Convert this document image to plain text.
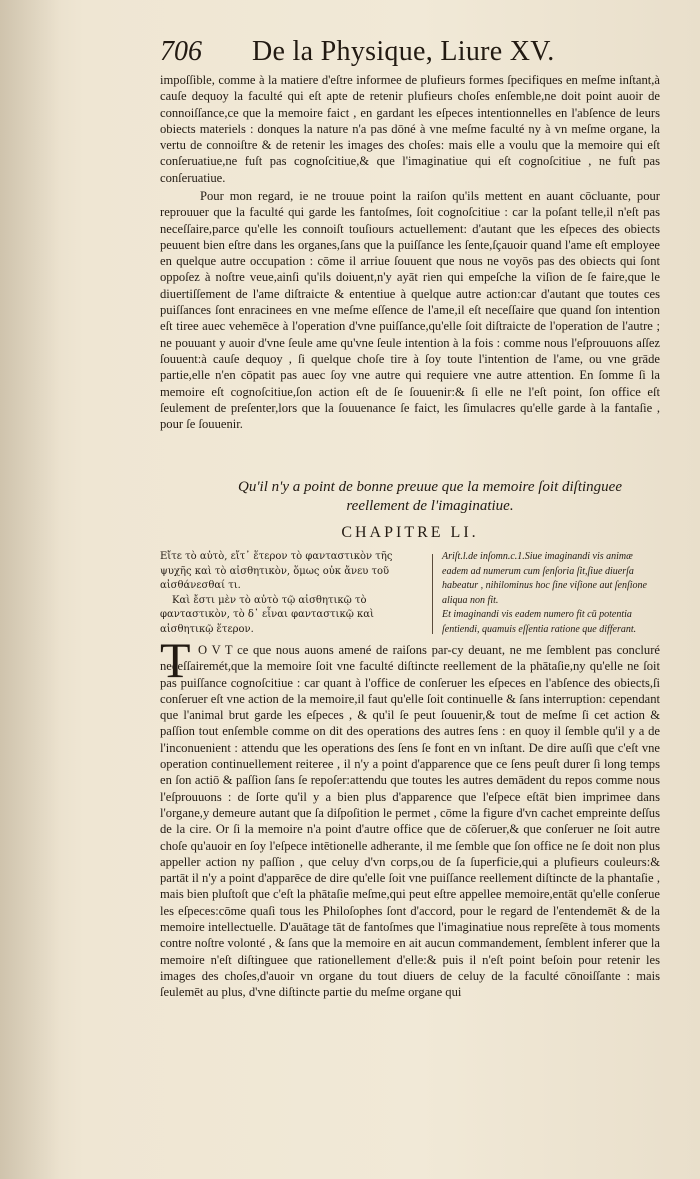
706 De la Physique, Liure XV.

impoſſible, comme à la matiere d'eſtre informee de plufieurs formes ſpecifiques en meſme inſtant,à cauſe dequoy la faculté qui eſt apte de retenir plufieurs choſes enſemble,ne doit point auoir de connoiſſance,ce que la memoire faict , en gardant les eſpeces intentionnelles en l'abſence de leurs obiects materiels : donques la nature n'a pas dōné à vne meſme faculté ny à vn meſme organe, la vertu de connoiſtre & de retenir les images des choſes: mais elle a voulu que la memoire qui eſt conſeruatiue,ne fuſt pas cognoſcitiue,& que l'imaginatiue qui eſt cognoſcitiue , ne fuſt pas conſeruatiue.

Pour mon regard, ie ne trouue point la raiſon qu'ils mettent en auant cōcluante, pour reprouuer que la faculté qui garde les fantoſmes, ſoit cognoſcitiue : car la poſant telle,il n'eſt pas neceſſaire,parce qu'elle les connoiſt touſiours actuellement: d'autant que les eſpeces des obiects peuuent bien eſtre dans les organes,ſans que la puiſſance les ſente,ſçauoir quand l'ame eſt employee en quelque autre occupation : cōme il arriue ſouuent que nous ne voyōs pas des obiects qui ſont oppoſez à noſtre veue,ainſi qu'ils doiuent,n'y ayāt rien qui empeſche la viſion de ſe faire,que le diuertiſſement de l'ame diſtraicte & ententiue à quelque autre action:car d'autant que toutes ces puiſſances ſont enracinees en vne meſme eſſence de l'ame,il eſt neceſſaire que quand ſon intention eſt tiree auec vehemēce à l'operation d'vne puiſſance,qu'elle ſoit diſtraicte de l'operation de l'autre ; ne pouuant y auoir d'vne ſeule ame qu'vne ſeule intention à la fois : comme nous l'eſprouuons aſſez ſouuent:à cauſe dequoy , ſi quelque choſe tire à ſoy toute l'intention de l'ame, ou vne grāde partie,elle n'en cōpatit pas auec ſoy vne autre qui requiere vne autre attention. En ſomme ſi la memoire eſt cognoſcitiue,ſon action eſt de ſe ſouuenir:& ſi elle ne l'eſt point, ſon office eſt ſeulement de preſenter,lors que la ſouuenance ſe faict, les ſimulacres qu'elle garde à la fantaſie , pour ſe ſouuenir.

Qu'il n'y a point de bonne preuue que la memoire ſoit diſtinguee
reellement de l'imaginatiue.
CHAPITRE LI.

Εἴτε τὸ αὐτὸ, εἴτ᾿ ἕτερον τὸ φανταστικὸν τῆς ψυχῆς καὶ τὸ αἰσθητικὸν, ὅμως οὐκ ἄνευ τοῦ αἰσθάνεσθαί τι.

Καὶ ἔστι μὲν τὸ αὐτὸ τῷ αἰσθητικῷ τὸ φανταστικὸν, τὸ δ᾿ εἶναι φανταστικῷ καὶ αἰσθητικῷ ἕτερον.

Ariſt.l.de inſomn.c.1.Siue imaginandi vis animæ eadem ad numerum cum ſenſoria ſit,ſiue diuerſa habeatur , nihilominus hoc ſine viſione aut ſenſione aliqua non fit.

Et imaginandi vis eadem numero fit cū potentia ſentiendi, quamuis eſſentia ratione que differant.

T O V T ce que nous auons amené de raiſons par-cy deuant, ne me ſemblent pas concluré neceſſairemét,que la memoire ſoit vne faculté diſtincte reellement de la phātaſie,ny qu'elle ne ſoit pas puiſſance cognoſcitiue : car quant à l'office de conſeruer les eſpeces en l'abſence des obiects,ſi conſeruer eſt vne action de la memoire,il faut qu'elle ſoit continuelle & ſans interruption: cependant que l'animal brut garde les eſpeces , & qu'il ſe peut ſouuenir,& tout de meſme ſi cet action & paſſion tout enſemble comme on dit des operations des autres ſens : en quoy il ſemble qu'il y a de l'inconuenient : attendu que les operations des ſens ſe font en vn inſtant. De dire auſſi que c'eſt vne operation continuellement reiteree , il n'y a point d'apparence que ce ſens peuſt durer ſi long temps en ſon actiō & paſſion ſans ſe repoſer:attendu que toutes les autres demādent du repos comme nous l'eſprouuons : de ſorte qu'il y a bien plus d'apparence que l'eſpece eſtāt bien imprimee dans l'organe,y demeure autant que ſa diſpoſition le permet , cōme la figure d'vn cachet empreinte deſſus de la cire. Or ſi la memoire n'a point d'autre office que de cōſeruer,& que conſeruer ne ſoit autre choſe qu'auoir en ſoy l'eſpece intētionelle adherante, il me ſemble que ſon office ne ſe doit non plus appeller action ny paſſion , que celuy d'vn corps,ou de ſa ſuperficie,qui a plufieurs couleurs:& partāt il n'y a point d'apparēce de dire qu'elle ſoit vne puiſſance reellement diſtincte de la phantaſie , mais bien pluſtoſt que c'eſt la phātaſie meſme,qui peut eſtre appellee memoire,entāt qu'elle conſerue les eſpeces:cōme quaſi tous les Philoſophes ſont d'accord, pour le regard de l'entendemēt & de la memoire intellectuelle. D'auātage tāt de fantoſmes que l'imaginatiue nous repreſēte à tous moments contre noſtre volonté , & ſans que la memoire en ait aucun commandement, ſemblent inferer que la memoire n'eſt diſtinguee que rationellement d'elle:& puis il n'eſt point beſoin pour retenir les images des choſes,d'auoir vn organe du tout diuers de celuy de la faculté cōnoiſſante : mais ſeulemēt au plus, d'vne diſtincte partie du meſme organe qui
